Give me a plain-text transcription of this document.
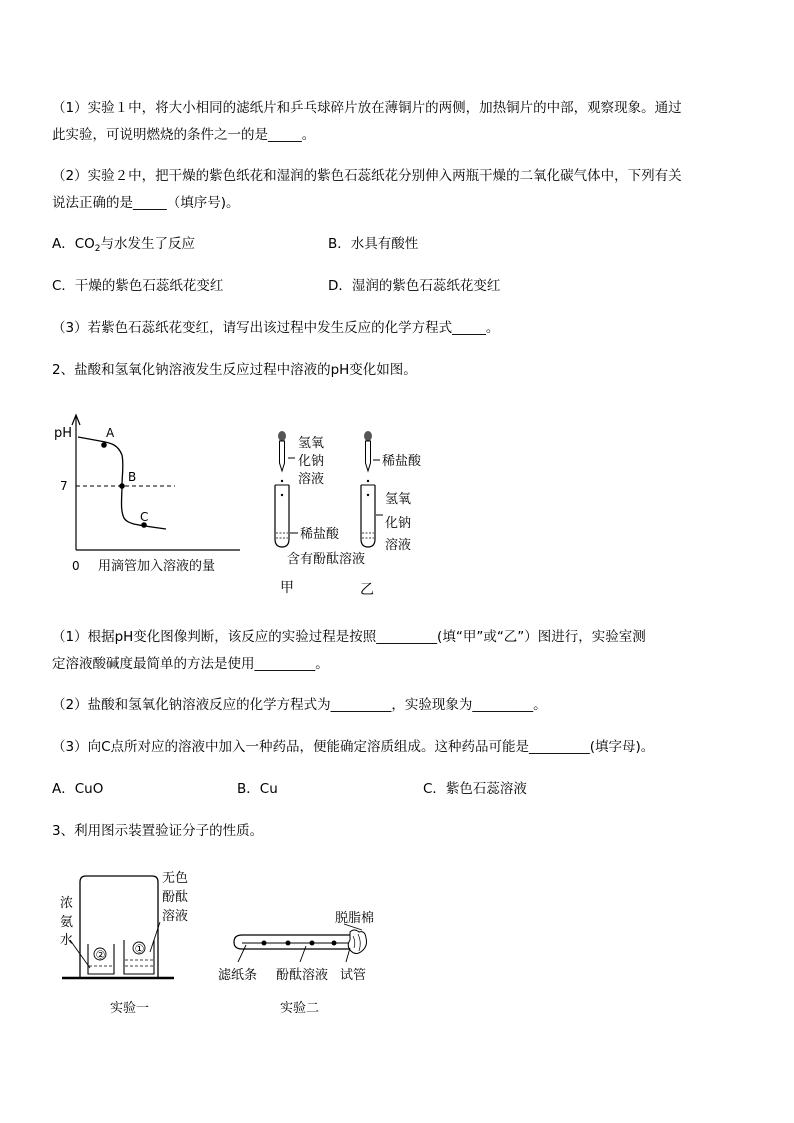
（1）实验１中，将大小相同的滤纸片和乒乓球碎片放在薄铜片的两侧，加热铜片的中部，观察现象。通过
此实验，可说明燃烧的条件之一的是_____。
（2）实验２中，把干燥的紫色纸花和湿润的紫色石蕊纸花分别伸入两瓶干燥的二氧化碳气体中，下列有关
说法正确的是_____（填序号)。
A．$CO_2$与水发生了反应	B．水具有酸性
C．干燥的紫色石蕊纸花变红	D．湿润的紫色石蕊纸花变红
（3）若紫色石蕊纸花变红，请写出该过程中发生反应的化学方程式_____。
2、盐酸和氢氧化钠溶液发生反应过程中溶液的pH变化如图。
pH
7
0 用滴管加入溶液的量
A
B
C
氢氧
化钠
溶液
稀盐酸
含有酚酞溶液
甲
稀盐酸
氢氧
化钠
溶液
乙
（1）根据pH变化图像判断，该反应的实验过程是按照_________(填“甲”或“乙”）图进行，实验室测
定溶液酸碱度最简单的方法是使用_________。
（2）盐酸和氢氧化钠溶液反应的化学方程式为_________，实验现象为_________。
（3）向C点所对应的溶液中加入一种药品，便能确定溶质组成。这种药品可能是_________(填字母)。
A．CuO	B．Cu	C．紫色石蕊溶液
3、利用图示装置验证分子的性质。
②	①
浓
氨
水
无色
酚酞
溶液
实验一
脱脂棉
滤纸条 酚酞溶液 试管
实验二
